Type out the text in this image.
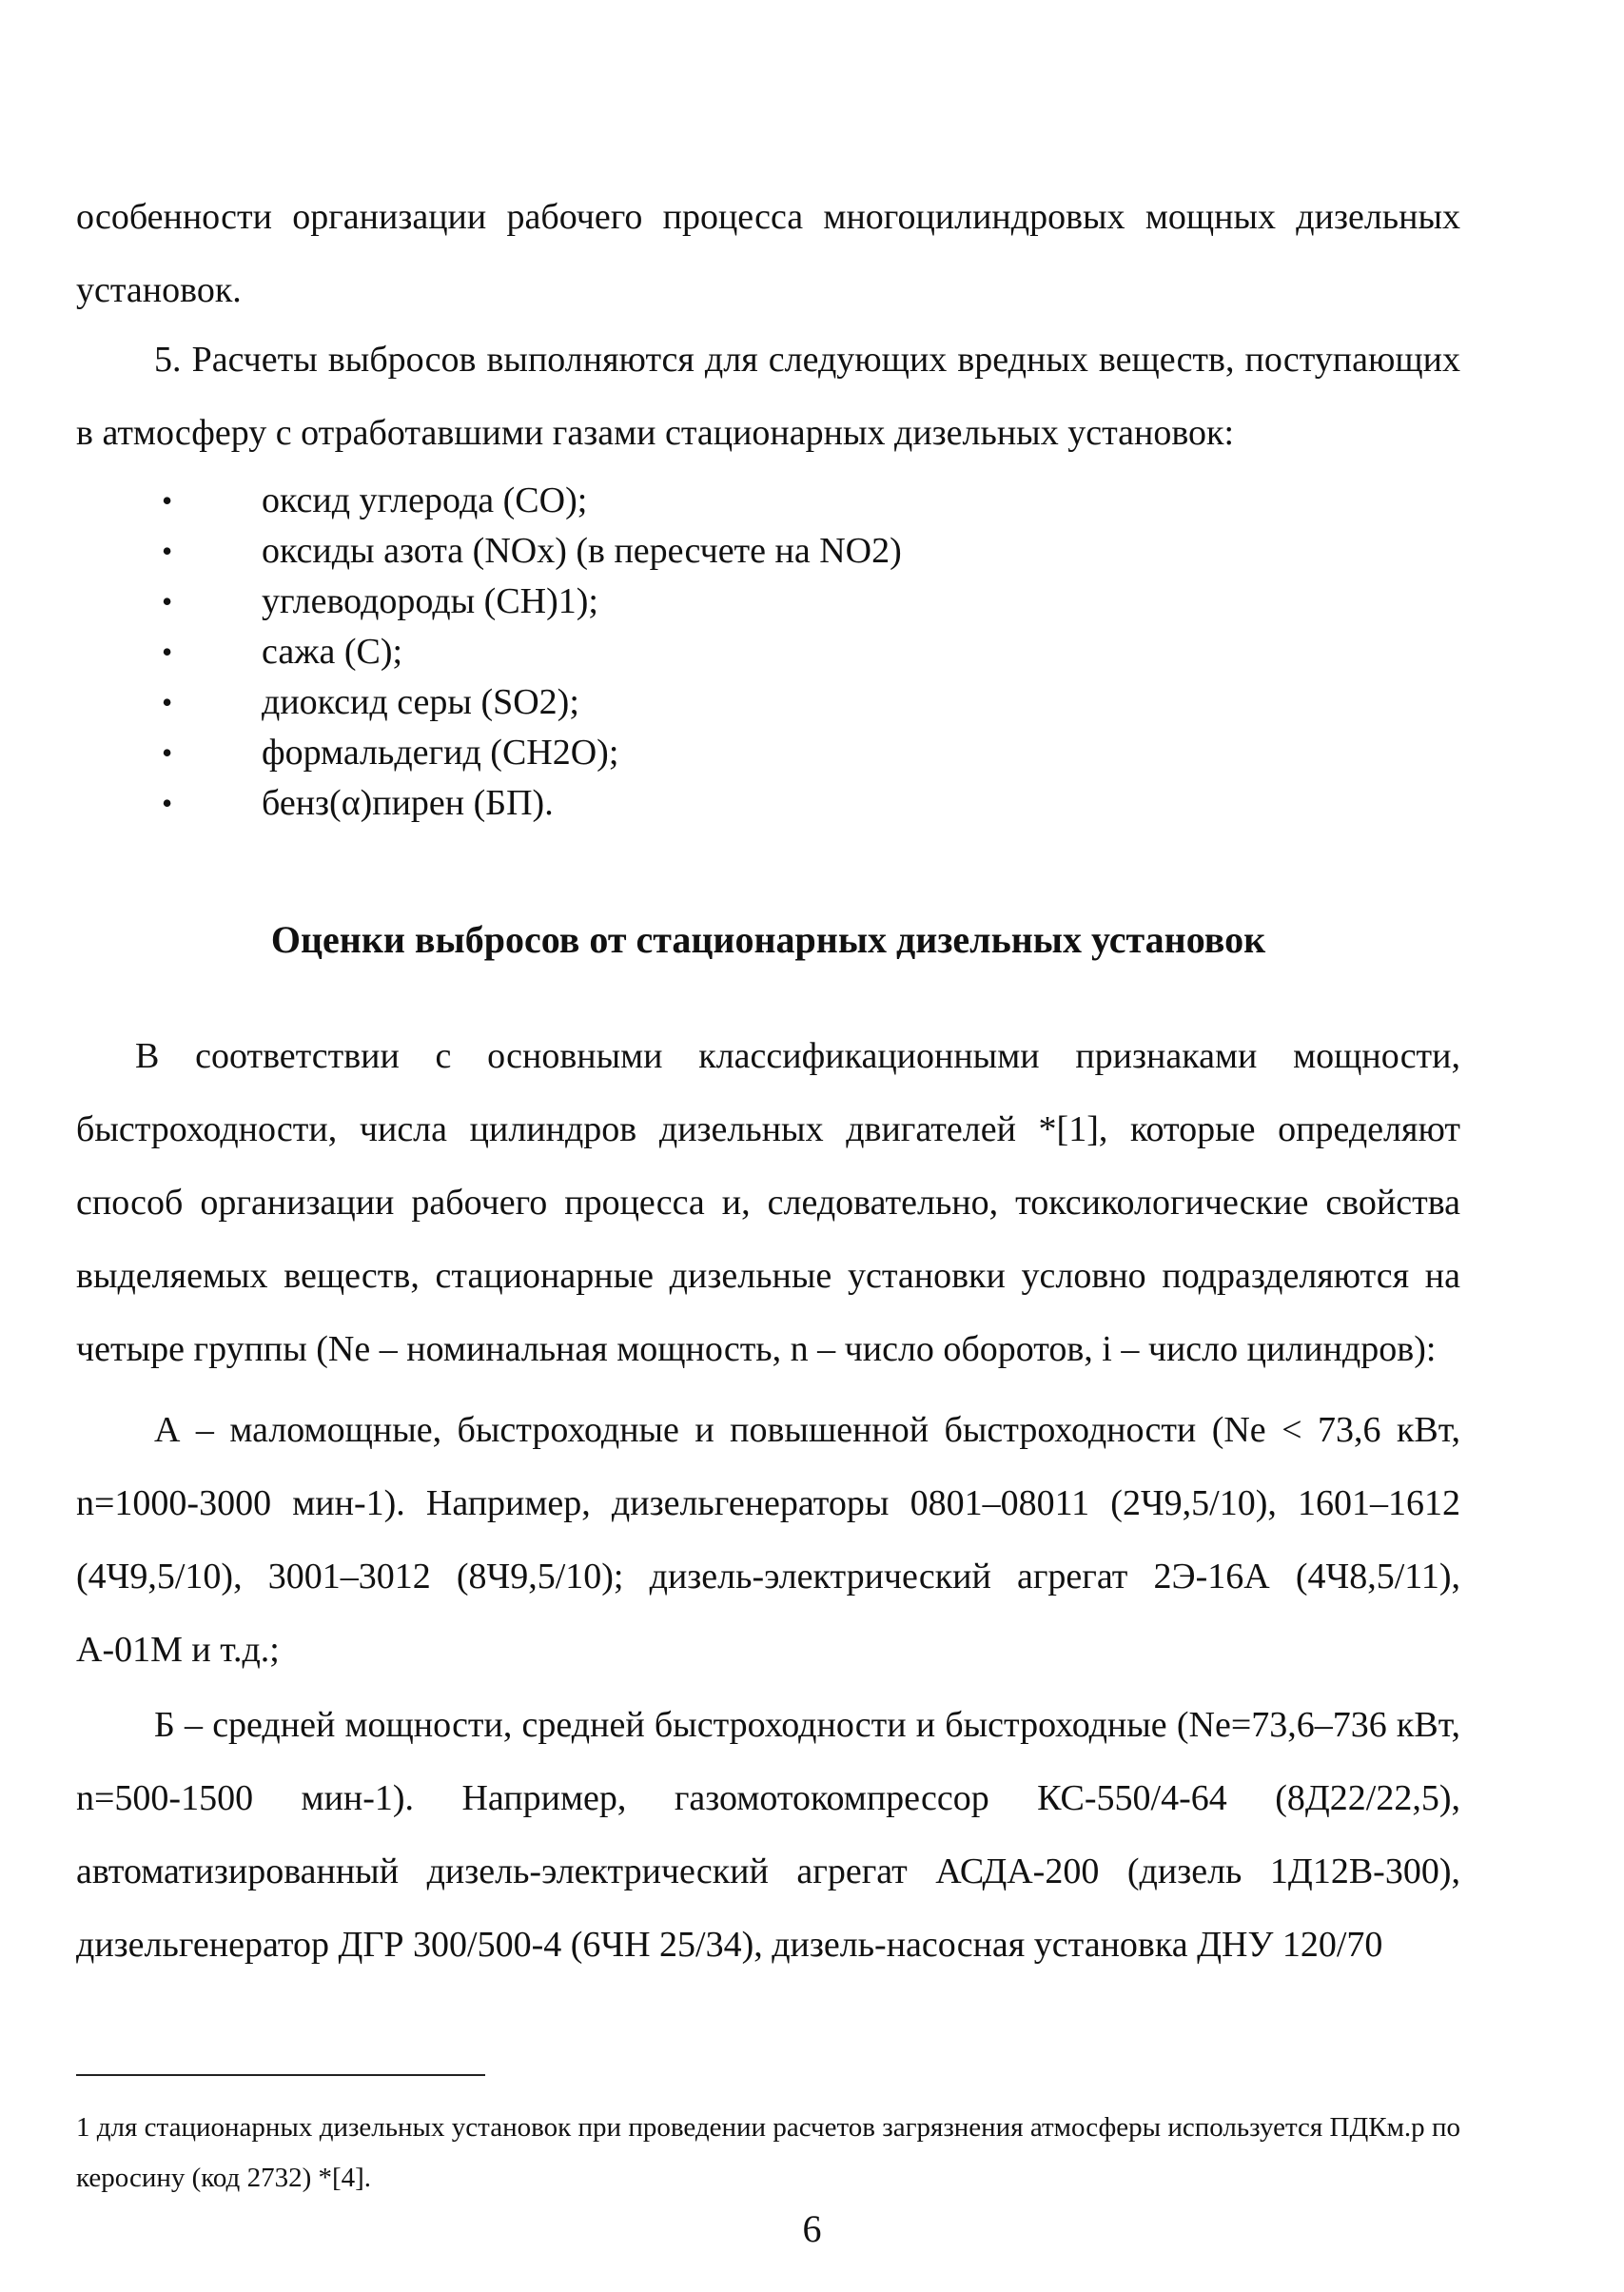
особенности организации рабочего процесса многоцилиндровых мощных дизельных установок.

5. Расчеты выбросов выполняются для следующих вредных веществ, поступающих в атмосферу с отработавшими газами стационарных дизельных установок:

• оксид углерода (CO);
• оксиды азота (NOx) (в пересчете на NO2)
• углеводороды (CH)1);
• сажа (C);
• диоксид серы (SO2);
• формальдегид (CH2O);
• бенз(α)пирен (БП).
Оценки выбросов от стационарных дизельных установок

В соответствии с основными классификационными признаками мощности, быстроходности, числа цилиндров дизельных двигателей *[1], которые определяют способ организации рабочего процесса и, следовательно, токсикологические свойства выделяемых веществ, стационарные дизельные установки условно подразделяются на четыре группы (Ne – номинальная мощность, n – число оборотов, i – число цилиндров):

А – маломощные, быстроходные и повышенной быстроходности (Ne < 73,6 кВт, n=1000-3000 мин-1). Например, дизельгенераторы 0801–08011 (2Ч9,5/10), 1601–1612 (4Ч9,5/10), 3001–3012 (8Ч9,5/10); дизель-электрический агрегат 2Э-16А (4Ч8,5/11), А-01М и т.д.;

Б – средней мощности, средней быстроходности и быстроходные (Ne=73,6–736 кВт, n=500-1500 мин-1). Например, газомотокомпрессор КС-550/4-64 (8Д22/22,5), автоматизированный дизель-электрический агрегат АСДА-200 (дизель 1Д12В-300), дизельгенератор ДГР 300/500-4 (6ЧН 25/34), дизель-насосная установка ДНУ 120/70

1 для стационарных дизельных установок при проведении расчетов загрязнения атмосферы используется ПДКм.р по керосину (код 2732) *[4].

6
